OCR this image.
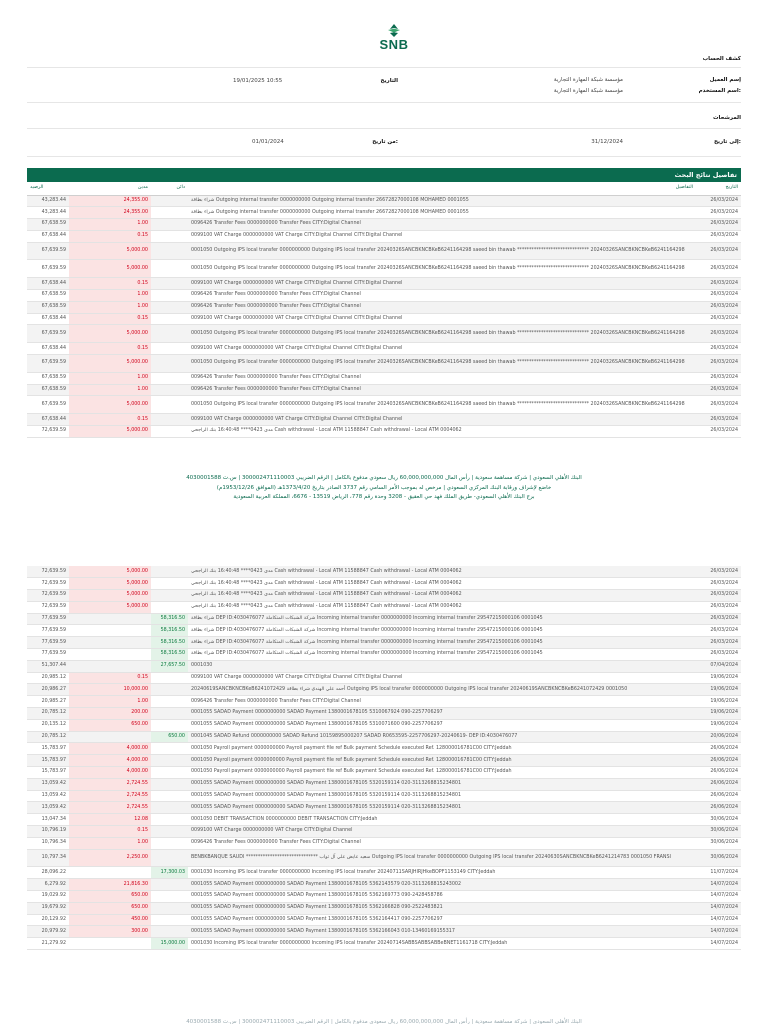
SNB
كشف الحساب
إسم العميل
اسم المستخدم:
مؤسسة شبكة المهارة التجارية
مؤسسة شبكة المهارة التجارية
التاريخ
19/01/2025 10:55
المرشحات
إلى تاريخ:
31/12/2024
من تاريخ:
01/01/2024
تفاصيل نتائج البحث
الرصيد	مدين	دائن	التفاصيل	التاريخ
43,283.44	24,355.00		شراء بطاقة Outgoing internal transfer 0000000000 Outgoing internal transfer 26672827000108 MOHAMED 0001055	26/03/2024
43,283.44	24,355.00		شراء بطاقة Outgoing internal transfer 0000000000 Outgoing internal transfer 26672827000108 MOHAMED 0001055	26/03/2024
67,638.59	1.00		0096426 Transfer Fees 0000000000 Transfer Fees CITY:Digital Channel	26/03/2024
67,638.44	0.15		0099100 VAT Charge 0000000000 VAT Charge CITY:Digital Channel CITY:Digital Channel	26/03/2024
67,639.59	5,000.00		0001050 Outgoing IPS local transfer 0000000000 Outgoing IPS local transfer 20240326SANCBKNCBKeB6241164298 saeed bin thawab ****************************** 20240326SANCBKNCBKeB6241164298	26/03/2024
67,639.59	5,000.00		0001050 Outgoing IPS local transfer 0000000000 Outgoing IPS local transfer 20240326SANCBKNCBKeB6241164298 saeed bin thawab ****************************** 20240326SANCBKNCBKeB6241164298	26/03/2024
67,638.44	0.15		0099100 VAT Charge 0000000000 VAT Charge CITY:Digital Channel CITY:Digital Channel	26/03/2024
67,638.59	1.00		0096426 Transfer Fees 0000000000 Transfer Fees CITY:Digital Channel	26/03/2024
67,638.59	1.00		0096426 Transfer Fees 0000000000 Transfer Fees CITY:Digital Channel	26/03/2024
67,638.44	0.15		0099100 VAT Charge 0000000000 VAT Charge CITY:Digital Channel CITY:Digital Channel	26/03/2024
67,639.59	5,000.00		0001050 Outgoing IPS local transfer 0000000000 Outgoing IPS local transfer 20240326SANCBKNCBKeB6241164298 saeed bin thawab ****************************** 20240326SANCBKNCBKeB6241164298	26/03/2024
67,638.44	0.15		0099100 VAT Charge 0000000000 VAT Charge CITY:Digital Channel CITY:Digital Channel	26/03/2024
67,639.59	5,000.00		0001050 Outgoing IPS local transfer 0000000000 Outgoing IPS local transfer 20240326SANCBKNCBKeB6241164298 saeed bin thawab ****************************** 20240326SANCBKNCBKeB6241164298	26/03/2024
67,638.59	1.00		0096426 Transfer Fees 0000000000 Transfer Fees CITY:Digital Channel	26/03/2024
67,638.59	1.00		0096426 Transfer Fees 0000000000 Transfer Fees CITY:Digital Channel	26/03/2024
67,639.59	5,000.00		0001050 Outgoing IPS local transfer 0000000000 Outgoing IPS local transfer 20240326SANCBKNCBKeB6241164298 saeed bin thawab ****************************** 20240326SANCBKNCBKeB6241164298	26/03/2024
67,638.44	0.15		0099100 VAT Charge 0000000000 VAT Charge CITY:Digital Channel CITY:Digital Channel	26/03/2024
72,639.59	5,000.00		مدى 0423**** 16:40:48 بنك الراجحي Cash withdrawal - Local ATM 11588847 Cash withdrawal - Local ATM 0004062	26/03/2024
البنك الأهلي السعودي | شركة مساهمة سعودية | رأس المال 60,000,000,000 ريال سعودي مدفوع بالكامل | الرقم الضريبي 300002471110003 | س.ت 4030001588
خاضع لإشراف ورقابة البنك المركزي السعودي | مرخص له بموجب الأمر السامي رقم 3737 الصادر بتاريخ 1373/4/20هـ (الموافق 1953/12/26م)
برج البنك الأهلي السعودي- طريق الملك فهد حي العقيق - 3208 وحدة رقم 778، الرياض 13519 - 6676، المملكة العربية السعودية
72,639.59	5,000.00		مدى 0423**** 16:40:48 بنك الراجحي Cash withdrawal - Local ATM 11588847 Cash withdrawal - Local ATM 0004062	26/03/2024
72,639.59	5,000.00		مدى 0423**** 16:40:48 بنك الراجحي Cash withdrawal - Local ATM 11588847 Cash withdrawal - Local ATM 0004062	26/03/2024
72,639.59	5,000.00		مدى 0423**** 16:40:48 بنك الراجحي Cash withdrawal - Local ATM 11588847 Cash withdrawal - Local ATM 0004062	26/03/2024
72,639.59	5,000.00		مدى 0423**** 16:40:48 بنك الراجحي Cash withdrawal - Local ATM 11588847 Cash withdrawal - Local ATM 0004062	26/03/2024
77,639.59		58,316.50	شراء بطاقة DEP ID:4030476077 شركة الشبكات المتكاملة Incoming internal transfer 0000000000 Incoming internal transfer 29547215000106 0001045	26/03/2024
77,639.59		58,316.50	شراء بطاقة DEP ID:4030476077 شركة الشبكات المتكاملة Incoming internal transfer 0000000000 Incoming internal transfer 29547215000106 0001045	26/03/2024
77,639.59		58,316.50	شراء بطاقة DEP ID:4030476077 شركة الشبكات المتكاملة Incoming internal transfer 0000000000 Incoming internal transfer 29547215000106 0001045	26/03/2024
77,639.59		58,316.50	شراء بطاقة DEP ID:4030476077 شركة الشبكات المتكاملة Incoming internal transfer 0000000000 Incoming internal transfer 29547215000106 0001045	26/03/2024
51,307.44		27,657.50	0001030	07/04/2024
20,985.12	0.15		0099100 VAT Charge 0000000000 VAT Charge CITY:Digital Channel CITY:Digital Channel	19/06/2024
20,986.27	10,000.00		20240619SANCBKNCBKeB6241072429 أحمد علي الهندي شراء بطاقة Outgoing IPS local transfer 0000000000 Outgoing IPS local transfer 20240619SANCBKNCBKeB6241072429 0001050	19/06/2024
20,985.27	1.00		0096426 Transfer Fees 0000000000 Transfer Fees CITY:Digital Channel	19/06/2024
20,785.12	200.00		0001055 SADAD Payment 0000000000 SADAD Payment 1380001678105 5310067924 090-2257706297	19/06/2024
20,135.12	650.00		0001055 SADAD Payment 0000000000 SADAD Payment 1380001678105 5310071600 090-2257706297	19/06/2024
20,785.12		650.00	0001045 SADAD Refund 0000000000 SADAD Refund 10159895000207 SADAD R0653595-2257706297-20240619- DEP ID:4030476077	20/06/2024
15,783.97	4,000.00		0001050 Payroll payment 0000000000 Payroll payment file ref Bulk payment Schedule executed Ref. 128000016781C00 CITY:Jeddah	26/06/2024
15,783.97	4,000.00		0001050 Payroll payment 0000000000 Payroll payment file ref Bulk payment Schedule executed Ref. 128000016781C00 CITY:Jeddah	26/06/2024
15,783.97	4,000.00		0001050 Payroll payment 0000000000 Payroll payment file ref Bulk payment Schedule executed Ref. 128000016781C00 CITY:Jeddah	26/06/2024
13,059.42	2,724.55		0001055 SADAD Payment 0000000000 SADAD Payment 1380001678105 5320159114 020-3113268815234801	26/06/2024
13,059.42	2,724.55		0001055 SADAD Payment 0000000000 SADAD Payment 1380001678105 5320159114 020-3113268815234801	26/06/2024
13,059.42	2,724.55		0001055 SADAD Payment 0000000000 SADAD Payment 1380001678105 5320159114 020-3113268815234801	26/06/2024
13,047.34	12.08		0001050 DEBIT TRANSACTION 0000000000 DEBIT TRANSACTION CITY:Jeddah	30/06/2024
10,796.19	0.15		0099100 VAT Charge 0000000000 VAT Charge CITY:Digital Channel	30/06/2024
10,796.34	1.00		0096426 Transfer Fees 0000000000 Transfer Fees CITY:Digital Channel	30/06/2024
10,797.34	2,250.00		BENBKBANQUE SAUDI ****************************** سعيد عايض علي آل ثواب Outgoing IPS local transfer 0000000000 Outgoing IPS local transfer 20240630SANCBKNCBKeB6241214783 0001050 FRANSI	30/06/2024
28,096.22		17,300.03	0001030 Incoming IPS local transfer 0000000000 Incoming IPS local transfer 20240711SARJHIRJHkeBOPF1153149 CITY:Jeddah	11/07/2024
6,279.92	21,816.30		0001055 SADAD Payment 0000000000 SADAD Payment 1380001678105 5362143579 020-3113268815243002	14/07/2024
19,029.92	650.00		0001055 SADAD Payment 0000000000 SADAD Payment 1380001678105 5362169773 090-2428458786	14/07/2024
19,679.92	650.00		0001055 SADAD Payment 0000000000 SADAD Payment 1380001678105 5362166828 090-2522483821	14/07/2024
20,129.92	450.00		0001055 SADAD Payment 0000000000 SADAD Payment 1380001678105 5362164417 090-2257706297	14/07/2024
20,979.92	300.00		0001055 SADAD Payment 0000000000 SADAD Payment 1380001678105 5362166043 010-13460169155317	14/07/2024
21,279.92		15,000.00	0001030 Incoming IPS local transfer 0000000000 Incoming IPS local transfer 20240714SABBSABBSABBeBNET1161718 CITY:Jeddah	14/07/2024
البنك الأهلي السعودي | شركة مساهمة سعودية | رأس المال 60,000,000,000 ريال سعودي مدفوع بالكامل | الرقم الضريبي 300002471110003 | س.ت 4030001588
